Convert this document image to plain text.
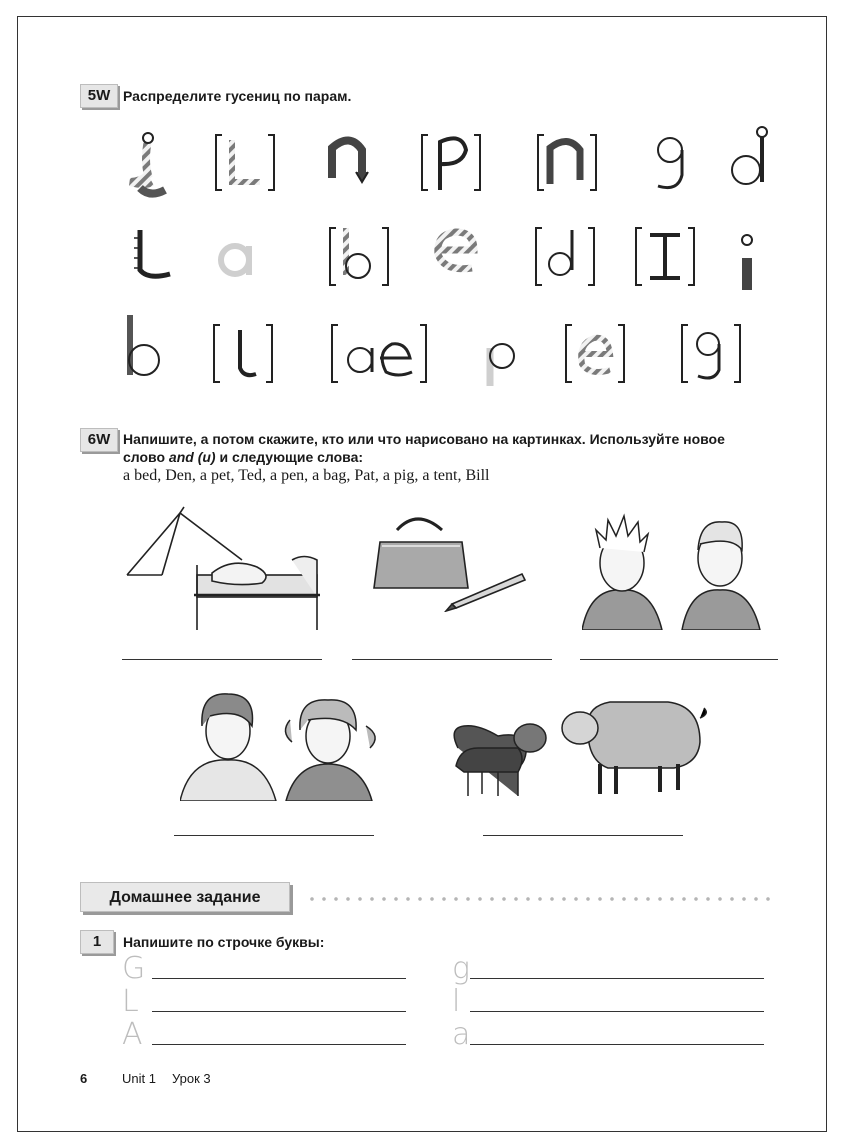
5W Распределите гусениц по парам.
6W Напишите, а потом скажите, кто или что нарисовано на картинках. Используйте новое
слово and (и) и следующие слова:
a bed, Den, a pet, Ted, a pen, a bag, Pat, a pig, a tent, Bill
Домашнее задание
1	Напишите по строчке буквы:
G
L
A
g
l
a
6	Unit 1 Урок 3
